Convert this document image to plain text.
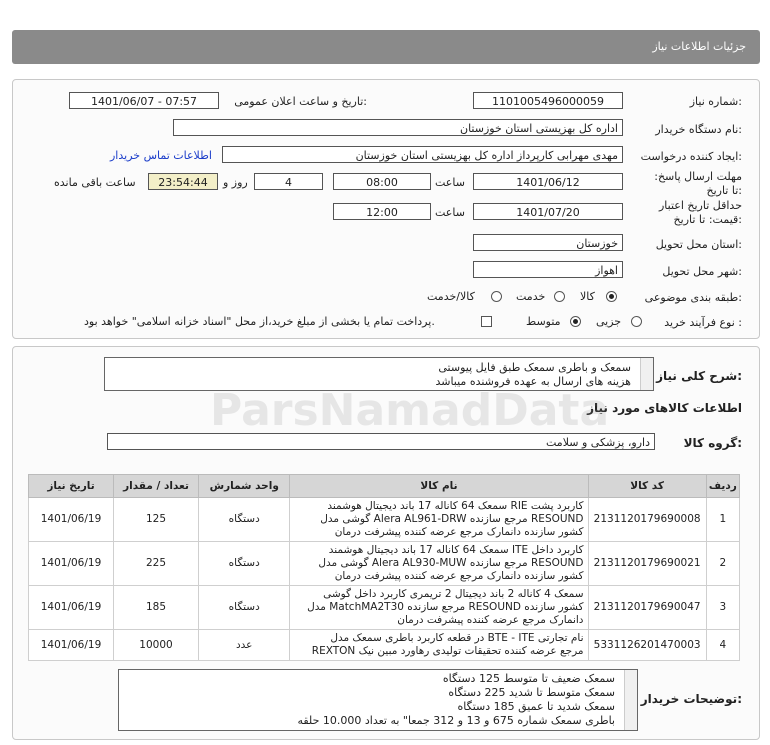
جزئیات اطلاعات نیاز
شماره نیاز:
1101005496000059
تاریخ و ساعت اعلان عمومی:
1401/06/07 - 07:57
نام دستگاه خریدار:
اداره کل بهزیستی استان خوزستان
ایجاد کننده درخواست:
مهدی مهرابی کارپرداز اداره کل بهزیستی استان خوزستان
اطلاعات تماس خریدار
مهلت ارسال پاسخ: تا تاریخ:
1401/06/12
ساعت
08:00
4
روز و
23:54:44
ساعت باقی مانده
حداقل تاریخ اعتبار قیمت: تا تاریخ:
1401/07/20
ساعت
12:00
استان محل تحویل:
خوزستان
شهر محل تحویل:
اهواز
طبقه بندی موضوعی:
کالا
خدمت
کالا/خدمت
نوع فرآیند خرید :
جزیی
متوسط
پرداخت تمام یا بخشی از مبلغ خرید،از محل "اسناد خزانه اسلامی" خواهد بود.
شرح کلی نیاز:
سمعک و باطری سمعک طبق فایل پیوستی
هزینه های ارسال به عهده فروشنده میباشد
اطلاعات کالاهای مورد نیاز
گروه کالا:
دارو، پزشکی و سلامت
تاریخ نیاز	تعداد / مقدار	واحد شمارش	نام کالا	کد کالا	ردیف
1401/06/19	125	دستگاه	سمعک 64 کاناله 17 باند دیجیتال هوشمند RIE کاربرد پشت
گوشی مدل Alera AL961-DRW مرجع سازنده RESOUND
کشور سازنده دانمارک مرجع عرضه کننده پیشرفت درمان	2131120179690008	1
1401/06/19	225	دستگاه	سمعک 64 کاناله 17 باند دیجیتال هوشمند ITE کاربرد داخل
گوشی مدل Alera AL930-MUW مرجع سازنده RESOUND
کشور سازنده دانمارک مرجع عرضه کننده پیشرفت درمان	2131120179690021	2
1401/06/19	185	دستگاه	سمعک 4 کاناله 2 باند دیجیتال 2 تریمری کاربرد داخل گوشی
مدل MatchMA2T30 مرجع سازنده RESOUND کشور سازنده
دانمارک مرجع عرضه کننده پیشرفت درمان	2131120179690047	3
1401/06/19	10000	عدد	در قطعه کاربرد باطری سمعک مدل BTE - ITE نام تجارتی
REXTON مرجع عرضه کننده تحقیقات تولیدی رهاورد مبین نیک	5331126201470003	4
توضیحات خریدار:
سمعک ضعیف تا متوسط 125 دستگاه
سمعک متوسط تا شدید 225 دستگاه
سمعک شدید تا عمیق 185 دستگاه
باطری سمعک شماره 675 و 13 و 312 جمعا" به تعداد 10.000 حلقه
